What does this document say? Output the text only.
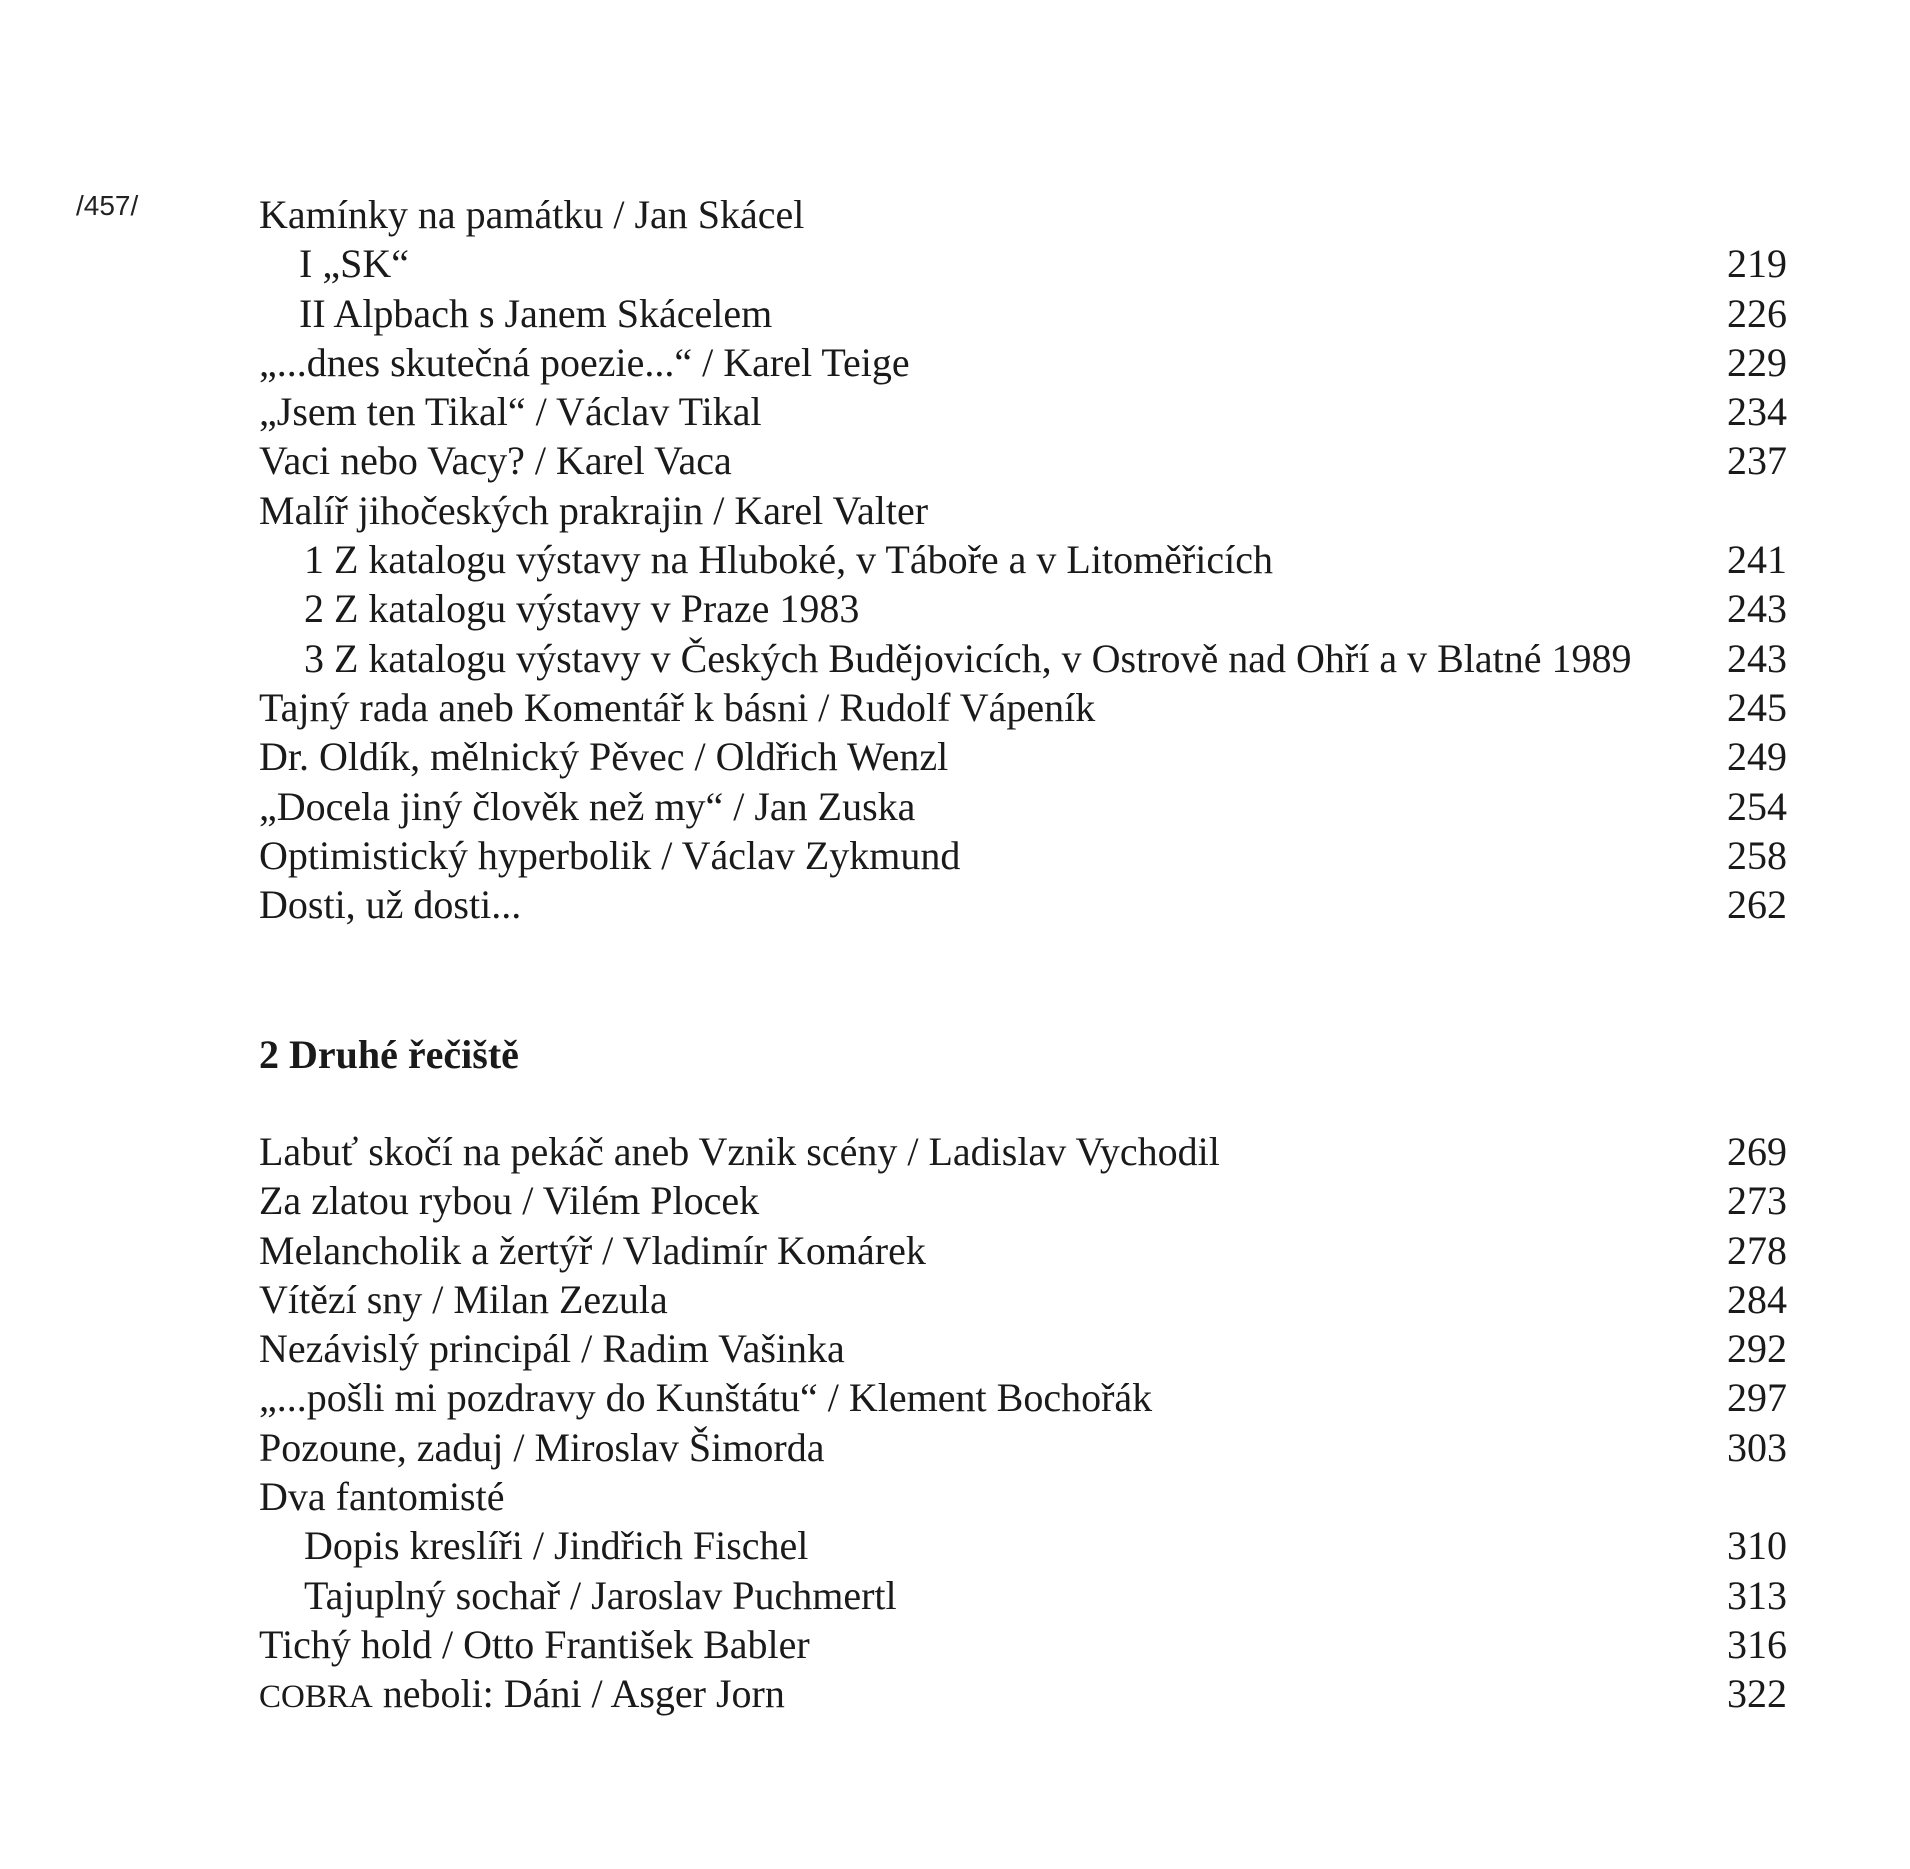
/457/	Kamínky na památku / Jan Skácel
I „SK“	219
II Alpbach s Janem Skácelem	226
„...dnes skutečná poezie...“ / Karel Teige	229
„Jsem ten Tikal“ / Václav Tikal	234
Vaci nebo Vacy? / Karel Vaca	237
Malíř jihočeských prakrajin / Karel Valter
1 Z katalogu výstavy na Hluboké, v Táboře a v Litoměřicích	241
2 Z katalogu výstavy v Praze 1983	243
3 Z katalogu výstavy v Českých Budějovicích, v Ostrově nad Ohří a v Blatné 1989	243
Tajný rada aneb Komentář k básni / Rudolf Vápeník	245
Dr. Oldík, mělnický Pěvec / Oldřich Wenzl	249
„Docela jiný člověk než my“ / Jan Zuska	254
Optimistický hyperbolik / Václav Zykmund	258
Dosti, už dosti...	262
2 Druhé řečiště
Labuť skočí na pekáč aneb Vznik scény / Ladislav Vychodil	269
Za zlatou rybou / Vilém Plocek	273
Melancholik a žertýř / Vladimír Komárek	278
Vítězí sny / Milan Zezula	284
Nezávislý principál / Radim Vašinka	292
„...pošli mi pozdravy do Kunštátu“ / Klement Bochořák	297
Pozoune, zaduj / Miroslav Šimorda	303
Dva fantomisté
Dopis kreslíři / Jindřich Fischel	310
Tajuplný sochař / Jaroslav Puchmertl	313
Tichý hold / Otto František Babler	316
COBRA neboli: Dáni / Asger Jorn	322
